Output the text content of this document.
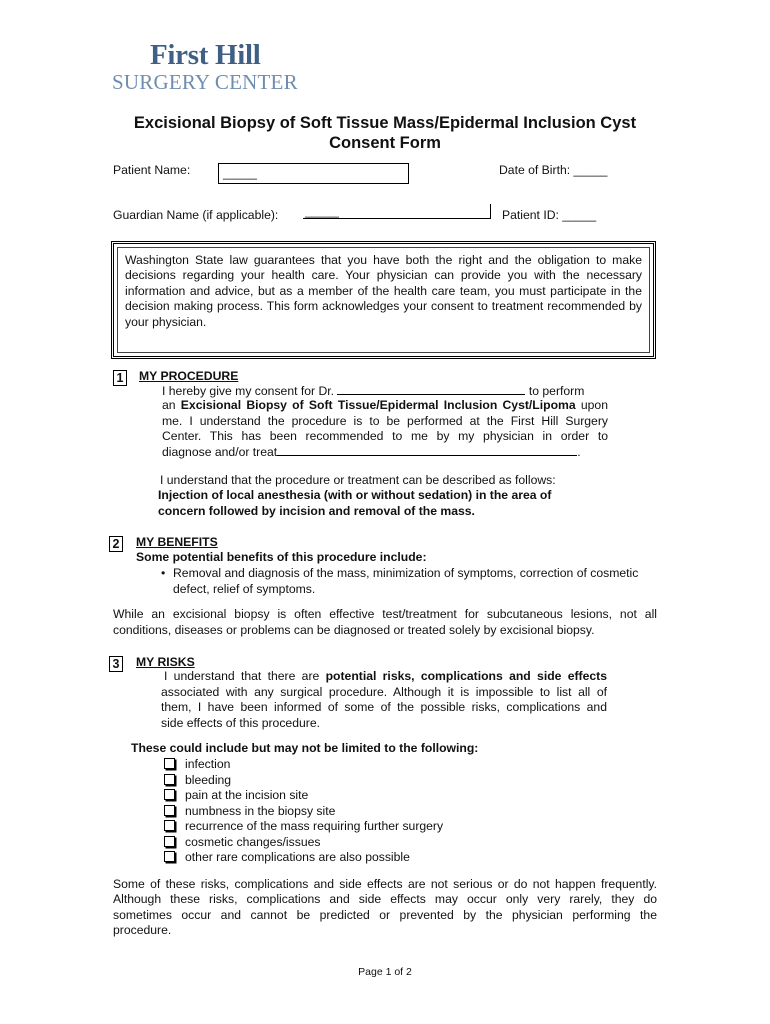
First Hill
SURGERY CENTER
Excisional Biopsy of Soft Tissue Mass/Epidermal Inclusion Cyst
Consent Form
Patient Name:	_____	Date of Birth: _____
Guardian Name (if applicable): _____	Patient ID: _____
Washington State law guarantees that you have both the right and the obligation to make decisions regarding your health care. Your physician can provide you with the necessary information and advice, but as a member of the health care team, you must participate in the decision making process. This form acknowledges your consent to treatment recommended by your physician.
1 MY PROCEDURE
I hereby give my consent for Dr.	to perform
an Excisional Biopsy of Soft Tissue/Epidermal Inclusion Cyst/Lipoma upon
me. I understand the procedure is to be performed at the First Hill Surgery
Center. This has been recommended to me by my physician in order to
diagnose and/or treat	.
I understand that the procedure or treatment can be described as follows:
Injection of local anesthesia (with or without sedation) in the area of
concern followed by incision and removal of the mass.
2 MY BENEFITS
Some potential benefits of this procedure include:
• Removal and diagnosis of the mass, minimization of symptoms, correction of cosmetic
defect, relief of symptoms.
While an excisional biopsy is often effective test/treatment for subcutaneous lesions, not all
conditions, diseases or problems can be diagnosed or treated solely by excisional biopsy.
3 MY RISKS
I understand that there are potential risks, complications and side effects
associated with any surgical procedure. Although it is impossible to list all of
them, I have been informed of some of the possible risks, complications and
side effects of this procedure.
These could include but may not be limited to the following:
infection
bleeding
pain at the incision site
numbness in the biopsy site
recurrence of the mass requiring further surgery
cosmetic changes/issues
other rare complications are also possible
Some of these risks, complications and side effects are not serious or do not happen frequently.
Although these risks, complications and side effects may occur only very rarely, they do
sometimes occur and cannot be predicted or prevented by the physician performing the
procedure.
Page 1 of 2
